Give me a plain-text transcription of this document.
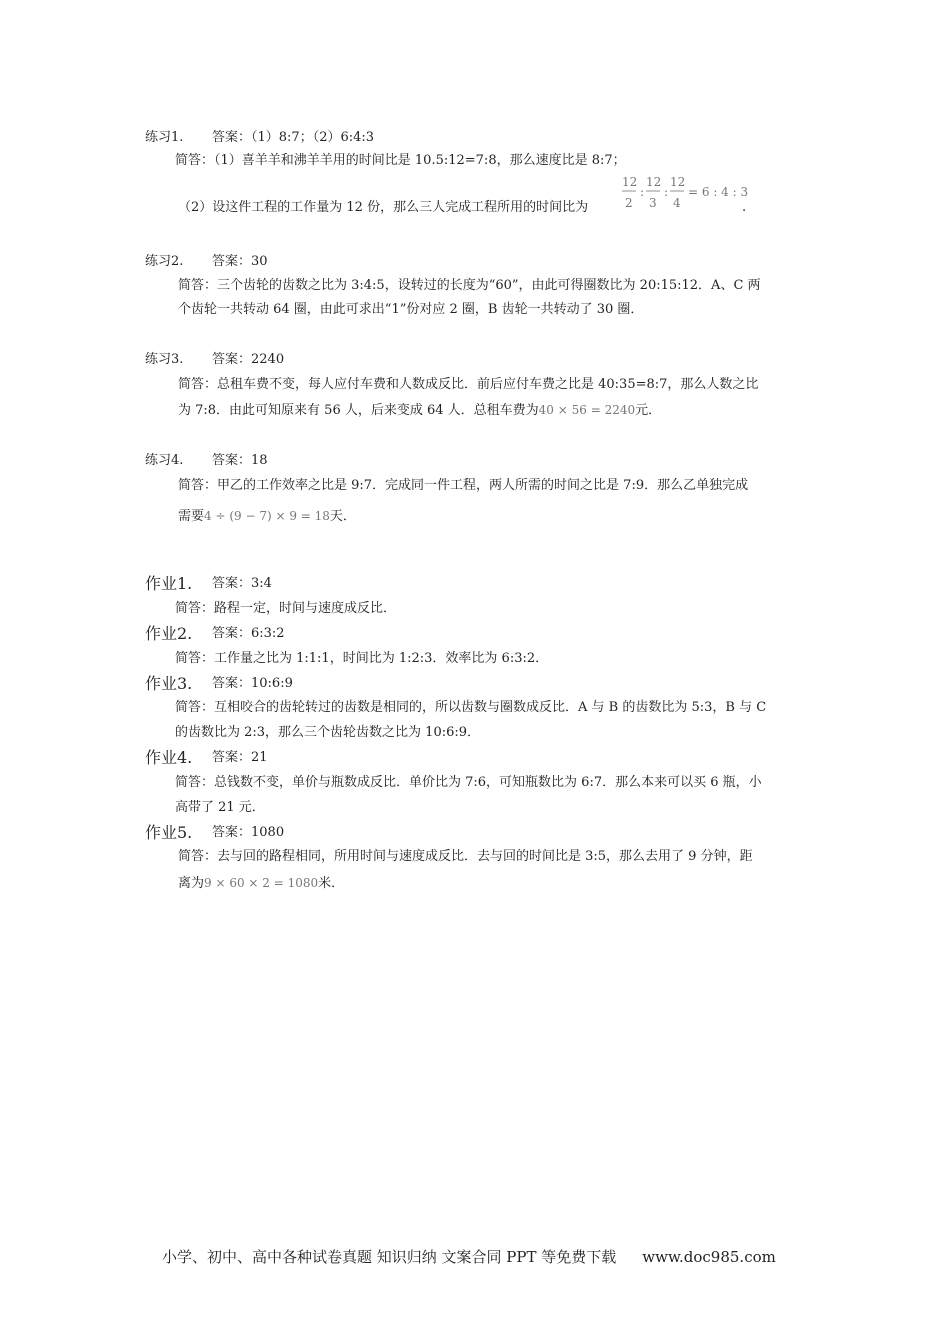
练习1. 答案：（1）8:7；（2）6:4:3
简答：（1）喜羊羊和沸羊羊用的时间比是 10.5:12=7:8，那么速度比是 8:7；
（2）设这件工程的工作量为 12 份，那么三人完成工程所用的时间比为
12
2
:
12
3
:
12
4
= 6 : 4 : 3
.
练习2. 答案：30
简答：三个齿轮的齿数之比为 3:4:5，设转过的长度为“60”，由此可得圈数比为 20:15:12．A、C 两
个齿轮一共转动 64 圈，由此可求出“1”份对应 2 圈，B 齿轮一共转动了 30 圈．
练习3. 答案：2240
简答：总租车费不变，每人应付车费和人数成反比．前后应付车费之比是 40:35=8:7，那么人数之比
为 7:8．由此可知原来有 56 人，后来变成 64 人．总租车费为40 × 56 = 2240元．
练习4. 答案：18
简答：甲乙的工作效率之比是 9:7．完成同一件工程，两人所需的时间之比是 7:9．那么乙单独完成
需要4 ÷ (9 − 7) × 9 = 18天．
作业1. 答案：3:4
简答：路程一定，时间与速度成反比．
作业2. 答案：6:3:2
简答：工作量之比为 1:1:1，时间比为 1:2:3．效率比为 6:3:2．
作业3. 答案：10:6:9
简答：互相咬合的齿轮转过的齿数是相同的，所以齿数与圈数成反比．A 与 B 的齿数比为 5:3，B 与 C
的齿数比为 2:3，那么三个齿轮齿数之比为 10:6:9．
作业4. 答案：21
简答：总钱数不变，单价与瓶数成反比．单价比为 7:6，可知瓶数比为 6:7．那么本来可以买 6 瓶，小
高带了 21 元．
作业5. 答案：1080
简答：去与回的路程相同，所用时间与速度成反比．去与回的时间比是 3:5，那么去用了 9 分钟，距
离为9 × 60 × 2 = 1080米．
小学、初中、高中各种试卷真题 知识归纳 文案合同 PPT 等免费下载 www.doc985.com
